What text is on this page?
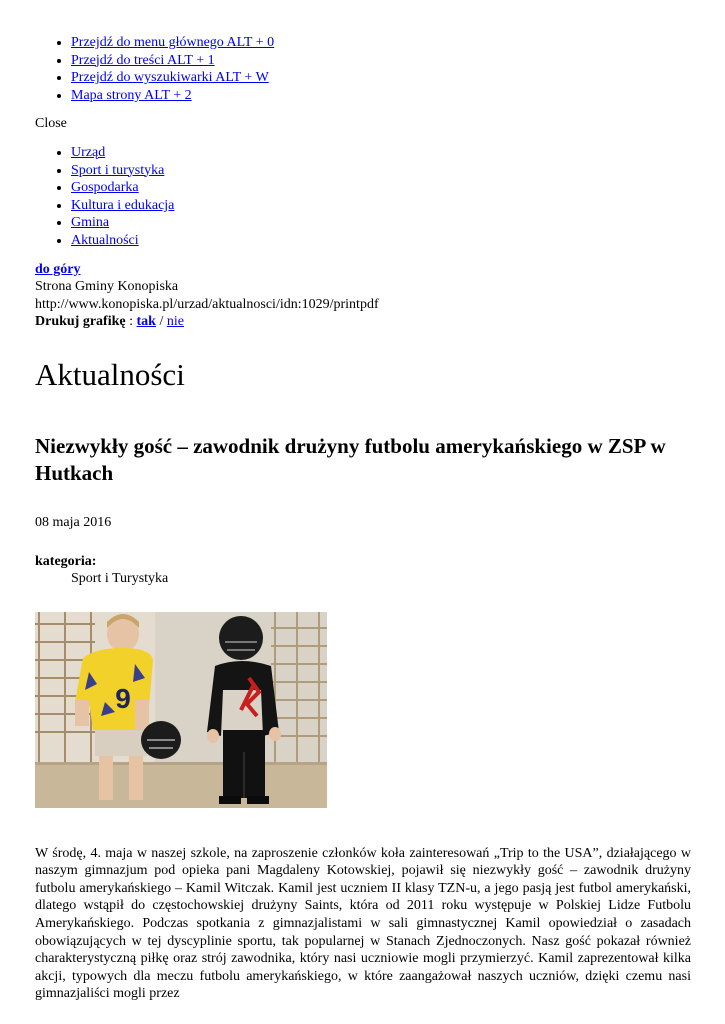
• Przejdź do menu głównego ALT + 0
• Przejdź do treści ALT + 1
• Przejdź do wyszukiwarki ALT + W
• Mapa strony ALT + 2
Close
• Urząd
• Sport i turystyka
• Gospodarka
• Kultura i edukacja
• Gmina
• Aktualności
do góry
Strona Gminy Konopiska
http://www.konopiska.pl/urzad/aktualnosci/idn:1029/printpdf
Drukuj grafikę : tak / nie
Aktualności
Niezwykły gość – zawodnik drużyny futbolu amerykańskiego w ZSP w Hutkach
08 maja 2016
kategoria:
Sport i Turystyka
9
W środę, 4. maja w naszej szkole, na zaproszenie członków koła zainteresowań „Trip to the USA”, działającego w naszym gimnazjum pod opieka pani Magdaleny Kotowskiej, pojawił się niezwykły gość – zawodnik drużyny futbolu amerykańskiego – Kamil Witczak. Kamil jest uczniem II klasy TZN-u, a jego pasją jest futbol amerykański, dlatego wstąpił do częstochowskiej drużyny Saints, która od 2011 roku występuje w Polskiej Lidze Futbolu Amerykańskiego. Podczas spotkania z gimnazjalistami w sali gimnastycznej Kamil opowiedział o zasadach obowiązujących w tej dyscyplinie sportu, tak popularnej w Stanach Zjednoczonych. Nasz gość pokazał również charakterystyczną piłkę oraz strój zawodnika, który nasi uczniowie mogli przymierzyć. Kamil zaprezentował kilka akcji, typowych dla meczu futbolu amerykańskiego, w które zaangażował naszych uczniów, dzięki czemu nasi gimnazjaliści mogli przez
